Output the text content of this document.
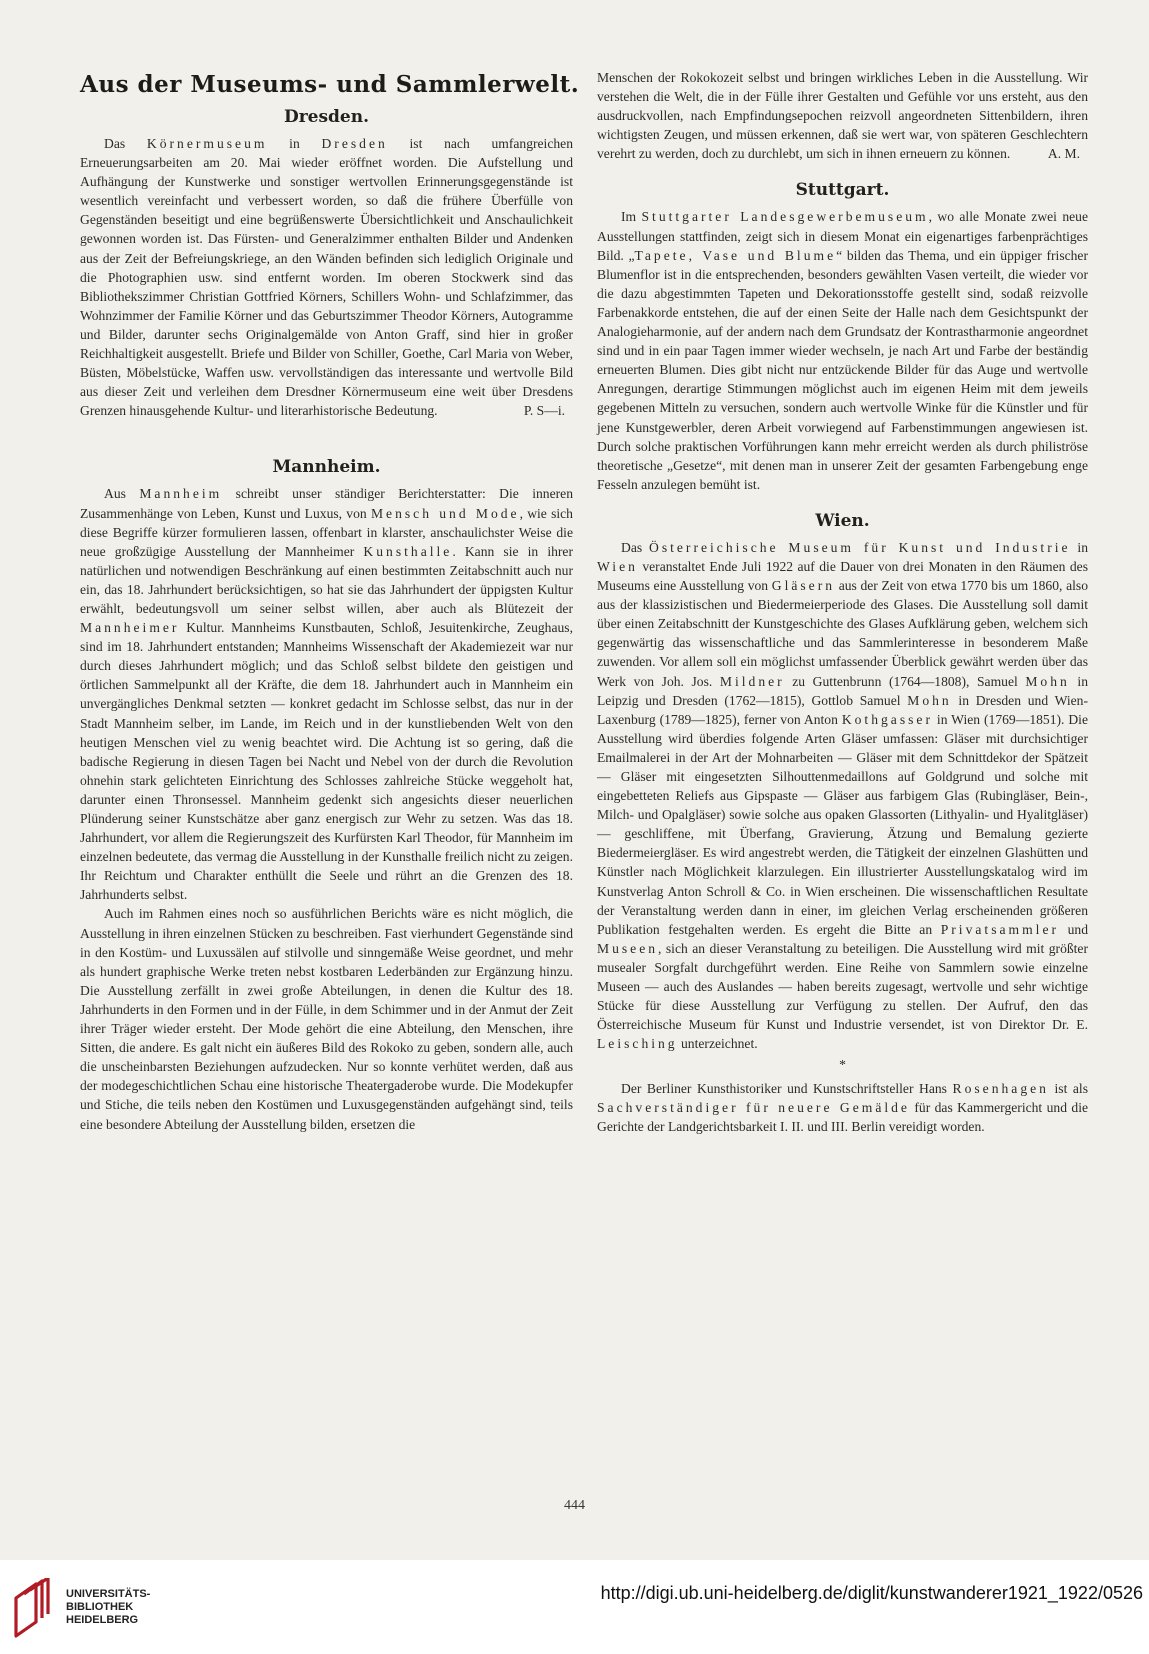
Aus der Museums- und Sammlerwelt.
Dresden.

Das Körnermuseum in Dresden ist nach umfangreichen Erneuerungsarbeiten am 20. Mai wieder eröffnet worden. Die Aufstellung und Aufhängung der Kunstwerke und sonstiger wertvollen Erinnerungsgegenstände ist wesentlich vereinfacht und verbessert worden, so daß die frühere Überfülle von Gegenständen beseitigt und eine begrüßenswerte Übersichtlichkeit und Anschaulichkeit gewonnen worden ist. Das Fürsten- und Generalzimmer enthalten Bilder und Andenken aus der Zeit der Befreiungskriege, an den Wänden befinden sich lediglich Originale und die Photographien usw. sind entfernt worden. Im oberen Stockwerk sind das Bibliothekszimmer Christian Gottfried Körners, Schillers Wohn- und Schlafzimmer, das Wohnzimmer der Familie Körner und das Geburtszimmer Theodor Körners, Autogramme und Bilder, darunter sechs Originalgemälde von Anton Graff, sind hier in großer Reichhaltigkeit ausgestellt. Briefe und Bilder von Schiller, Goethe, Carl Maria von Weber, Büsten, Möbelstücke, Waffen usw. vervollständigen das interessante und wertvolle Bild aus dieser Zeit und verleihen dem Dresdner Körnermuseum eine weit über Dresdens Grenzen hinausgehende Kultur- und literarhistorische Bedeutung.	P. S—i.

Mannheim.

Aus Mannheim schreibt unser ständiger Berichterstatter: Die inneren Zusammenhänge von Leben, Kunst und Luxus, von Mensch und Mode, wie sich diese Begriffe kürzer formulieren lassen, offenbart in klarster, anschaulichster Weise die neue großzügige Ausstellung der Mannheimer Kunsthalle. Kann sie in ihrer natürlichen und notwendigen Beschränkung auf einen bestimmten Zeitabschnitt auch nur ein, das 18. Jahrhundert berücksichtigen, so hat sie das Jahrhundert der üppigsten Kultur erwählt, bedeutungsvoll um seiner selbst willen, aber auch als Blütezeit der Mannheimer Kultur. Mannheims Kunstbauten, Schloß, Jesuitenkirche, Zeughaus, sind im 18. Jahrhundert entstanden; Mannheims Wissenschaft der Akademiezeit war nur durch dieses Jahrhundert möglich; und das Schloß selbst bildete den geistigen und örtlichen Sammelpunkt all der Kräfte, die dem 18. Jahrhundert auch in Mannheim ein unvergängliches Denkmal setzten — konkret gedacht im Schlosse selbst, das nur in der Stadt Mannheim selber, im Lande, im Reich und in der kunstliebenden Welt von den heutigen Menschen viel zu wenig beachtet wird. Die Achtung ist so gering, daß die badische Regierung in diesen Tagen bei Nacht und Nebel von der durch die Revolution ohnehin stark gelichteten Einrichtung des Schlosses zahlreiche Stücke weggeholt hat, darunter einen Thronsessel. Mannheim gedenkt sich angesichts dieser neuerlichen Plünderung seiner Kunstschätze aber ganz energisch zur Wehr zu setzen. Was das 18. Jahrhundert, vor allem die Regierungszeit des Kurfürsten Karl Theodor, für Mannheim im einzelnen bedeutete, das vermag die Ausstellung in der Kunsthalle freilich nicht zu zeigen. Ihr Reichtum und Charakter enthüllt die Seele und rührt an die Grenzen des 18. Jahrhunderts selbst.

Auch im Rahmen eines noch so ausführlichen Berichts wäre es nicht möglich, die Ausstellung in ihren einzelnen Stücken zu beschreiben. Fast vierhundert Gegenstände sind in den Kostüm- und Luxussälen auf stilvolle und sinngemäße Weise geordnet, und mehr als hundert graphische Werke treten nebst kostbaren Lederbänden zur Ergänzung hinzu. Die Ausstellung zerfällt in zwei große Abteilungen, in denen die Kultur des 18. Jahrhunderts in den Formen und in der Fülle, in dem Schimmer und in der Anmut der Zeit ihrer Träger wieder ersteht. Der Mode gehört die eine Abteilung, den Menschen, ihre Sitten, die andere. Es galt nicht ein äußeres Bild des Rokoko zu geben, sondern alle, auch die unscheinbarsten Beziehungen aufzudecken. Nur so konnte verhütet werden, daß aus der modegeschichtlichen Schau eine historische Theatergaderobe wurde. Die Modekupfer und Stiche, die teils neben den Kostümen und Luxusgegenständen aufgehängt sind, teils eine besondere Abteilung der Ausstellung bilden, ersetzen die

Menschen der Rokokozeit selbst und bringen wirkliches Leben in die Ausstellung. Wir verstehen die Welt, die in der Fülle ihrer Gestalten und Gefühle vor uns ersteht, aus den ausdruckvollen, nach Empfindungsepochen reizvoll angeordneten Sittenbildern, ihren wichtigsten Zeugen, und müssen erkennen, daß sie wert war, von späteren Geschlechtern verehrt zu werden, doch zu durchlebt, um sich in ihnen erneuern zu können.	A. M.

Stuttgart.

Im Stuttgarter Landesgewerbemuseum, wo alle Monate zwei neue Ausstellungen stattfinden, zeigt sich in diesem Monat ein eigenartiges farbenprächtiges Bild. „Tapete, Vase und Blume“ bilden das Thema, und ein üppiger frischer Blumenflor ist in die entsprechenden, besonders gewählten Vasen verteilt, die wieder vor die dazu abgestimmten Tapeten und Dekorationsstoffe gestellt sind, sodaß reizvolle Farbenakkorde entstehen, die auf der einen Seite der Halle nach dem Gesichtspunkt der Analogieharmonie, auf der andern nach dem Grundsatz der Kontrastharmonie angeordnet sind und in ein paar Tagen immer wieder wechseln, je nach Art und Farbe der beständig erneuerten Blumen. Dies gibt nicht nur entzückende Bilder für das Auge und wertvolle Anregungen, derartige Stimmungen möglichst auch im eigenen Heim mit dem jeweils gegebenen Mitteln zu versuchen, sondern auch wertvolle Winke für die Künstler und für jene Kunstgewerbler, deren Arbeit vorwiegend auf Farbenstimmungen angewiesen ist. Durch solche praktischen Vorführungen kann mehr erreicht werden als durch philiströse theoretische „Gesetze“, mit denen man in unserer Zeit der gesamten Farbengebung enge Fesseln anzulegen bemüht ist.

Wien.

Das Österreichische Museum für Kunst und Industrie in Wien veranstaltet Ende Juli 1922 auf die Dauer von drei Monaten in den Räumen des Museums eine Ausstellung von Gläsern aus der Zeit von etwa 1770 bis um 1860, also aus der klassizistischen und Biedermeierperiode des Glases. Die Ausstellung soll damit über einen Zeitabschnitt der Kunstgeschichte des Glases Aufklärung geben, welchem sich gegenwärtig das wissenschaftliche und das Sammlerinteresse in besonderem Maße zuwenden. Vor allem soll ein möglichst umfassender Überblick gewährt werden über das Werk von Joh. Jos. Mildner zu Guttenbrunn (1764—1808), Samuel Mohn in Leipzig und Dresden (1762—1815), Gottlob Samuel Mohn in Dresden und Wien-Laxenburg (1789—1825), ferner von Anton Kothgasser in Wien (1769—1851). Die Ausstellung wird überdies folgende Arten Gläser umfassen: Gläser mit durchsichtiger Emailmalerei in der Art der Mohnarbeiten — Gläser mit dem Schnittdekor der Spätzeit — Gläser mit eingesetzten Silhouttenmedaillons auf Goldgrund und solche mit eingebetteten Reliefs aus Gipspaste — Gläser aus farbigem Glas (Rubingläser, Bein-, Milch- und Opalgläser) sowie solche aus opaken Glassorten (Lithyalin- und Hyalitgläser) — geschliffene, mit Überfang, Gravierung, Ätzung und Bemalung gezierte Biedermeiergläser. Es wird angestrebt werden, die Tätigkeit der einzelnen Glashütten und Künstler nach Möglichkeit klarzulegen. Ein illustrierter Ausstellungskatalog wird im Kunstverlag Anton Schroll & Co. in Wien erscheinen. Die wissenschaftlichen Resultate der Veranstaltung werden dann in einer, im gleichen Verlag erscheinenden größeren Publikation festgehalten werden. Es ergeht die Bitte an Privatsammler und Museen, sich an dieser Veranstaltung zu beteiligen. Die Ausstellung wird mit größter musealer Sorgfalt durchgeführt werden. Eine Reihe von Sammlern sowie einzelne Museen — auch des Auslandes — haben bereits zugesagt, wertvolle und sehr wichtige Stücke für diese Ausstellung zur Verfügung zu stellen. Der Aufruf, den das Österreichische Museum für Kunst und Industrie versendet, ist von Direktor Dr. E. Leisching unterzeichnet.

*

Der Berliner Kunsthistoriker und Kunstschriftsteller Hans Rosenhagen ist als Sachverständiger für neuere Gemälde für das Kammergericht und die Gerichte der Landgerichtsbarkeit I. II. und III. Berlin vereidigt worden.

444
UNIVERSITÄTS-
BIBLIOTHEK
HEIDELBERG
http://digi.ub.uni-heidelberg.de/diglit/kunstwanderer1921_1922/0526
